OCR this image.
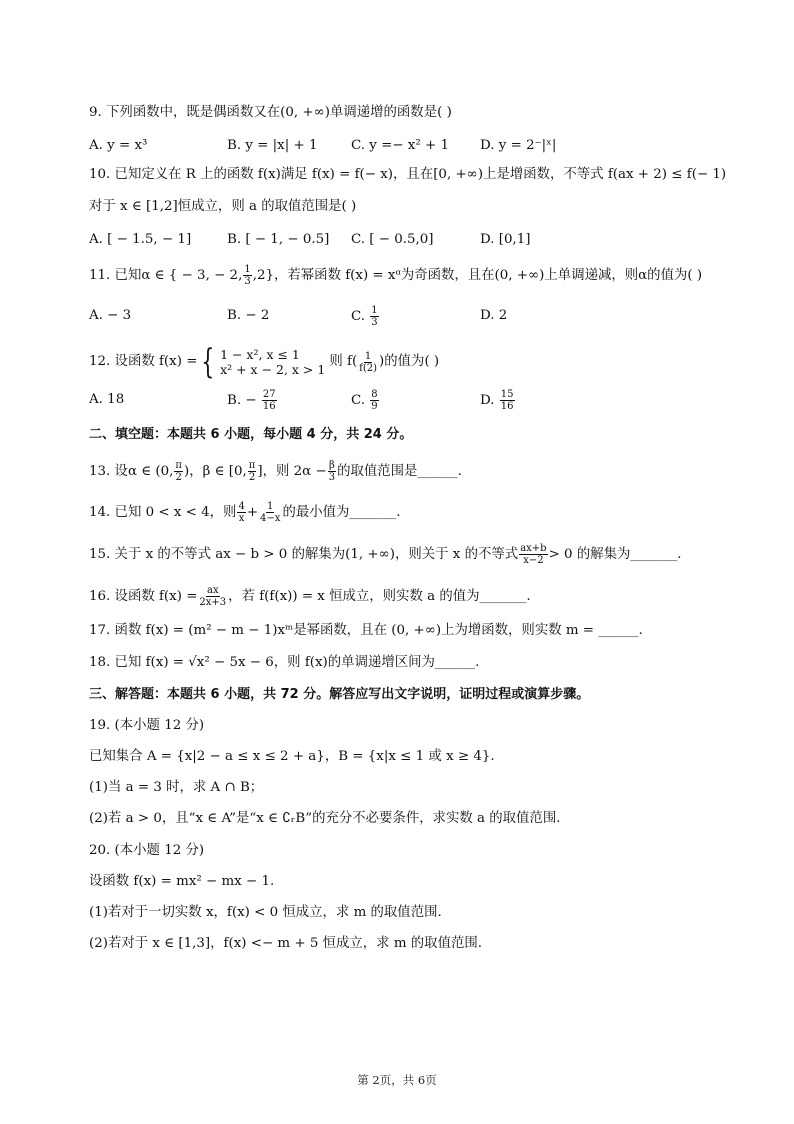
9. 下列函数中，既是偶函数又在(0, +∞)单调递增的函数是( )
A. y = x³	B. y = |x| + 1	C. y =− x² + 1 D. y = 2⁻|ˣ|
10. 已知定义在 R 上的函数 f(x)满足 f(x) = f(− x)，且在[0, +∞)上是增函数，不等式 f(ax + 2) ≤ f(− 1)
对于 x ∈ [1,2]恒成立，则 a 的取值范围是( )
A. [ − 1.5, − 1]	B. [ − 1, − 0.5] C. [ − 0.5,0]	D. [0,1]
11. 已知α ∈ { − 3, − 2, $\frac{1}{3} ,2$}，若幂函数 f(x) = xᵅ为奇函数，且在(0, +∞)上单调递减，则α的值为( )
A. − 3	B. − 2	C. $\frac{1}{3}$	D. 2
12. 设函数 f(x) = { 1 − x², x ≤ 1
x² + x − 2, x > 1
则 $f( \frac{1}{f(2)}$ )的值为( )
A. 18	B. − $\frac{27}{16}$	C. $\frac{8}{9}$	D. $\frac{15}{16}$
二、填空题：本题共 6 小题，每小题 4 分，共 24 分。
13. 设α ∈ (0, $\frac{\pi}{2}$ )，β ∈ [0, $\frac{\pi}{2}$ ]，则 $2\alpha - \frac{\beta}{3}$ 的取值范围是______.
14. 已知 0 < x < 4，则 $\frac{4}{x} + \frac{1}{4-x}$ 的最小值为_______.
15. 关于 x 的不等式 ax − b > 0 的解集为(1, +∞)，则关于 x 的不等式 $\frac{ax+b}{x-2} > 0$ 的解集为_______.
16. 设函数 $f(x) = \frac{ax}{2x+3}$ ，若 f(f(x)) = x 恒成立，则实数 a 的值为_______.
17. 函数 f(x) = (m² − m − 1)xᵐ是幂函数，且在 (0, +∞)上为增函数，则实数 m = ______.
18. 已知 f(x) = √x² − 5x − 6，则 f(x)的单调递增区间为______.
三、解答题：本题共 6 小题，共 72 分。解答应写出文字说明，证明过程或演算步骤。
19. (本小题 12 分)
已知集合 A = {x|2 − a ≤ x ≤ 2 + a}，B = {x|x ≤ 1 或 x ≥ 4}.
(1)当 a = 3 时，求 A ∩ B；
(2)若 a > 0，且“x ∈ A”是“x ∈ ∁ᵣB”的充分不必要条件，求实数 a 的取值范围.
20. (本小题 12 分)
设函数 f(x) = mx² − mx − 1.
(1)若对于一切实数 x，f(x) < 0 恒成立，求 m 的取值范围.
(2)若对于 x ∈ [1,3]，f(x) <− m + 5 恒成立，求 m 的取值范围.
第 2页，共 6页
